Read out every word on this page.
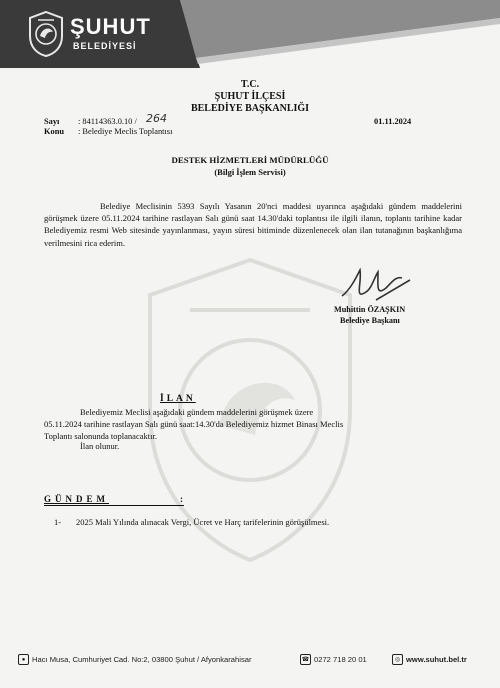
ŞUHUT
BELEDİYESİ
T.C.
ŞUHUT İLÇESİ
BELEDİYE BAŞKANLIĞI
Sayı : 84114363.0.10 / 264
Konu : Belediye Meclis Toplantısı
01.11.2024
DESTEK HİZMETLERİ MÜDÜRLÜĞÜ
(Bilgi İşlem Servisi)
Belediye Meclisinin 5393 Sayılı Yasanın 20'nci maddesi uyarınca aşağıdaki gündem maddelerini görüşmek üzere 05.11.2024 tarihine rastlayan Salı günü saat 14.30'daki toplantısı ile ilgili ilanın, toplantı tarihine kadar Belediyemiz resmi Web sitesinde yayınlanması, yayın süresi bitiminde düzenlenecek olan ilan tutanağının başkanlığıma verilmesini rica ederim.
Muhittin ÖZAŞKIN
Belediye Başkanı
İLAN
Belediyemiz Meclisi aşağıdaki gündem maddelerini görüşmek üzere 05.11.2024 tarihine rastlayan Salı günü saat:14.30'da Belediyemiz hizmet Binası Meclis Toplantı salonunda toplanacaktır.
İlan olunur.
GÜNDEM	:
1- 2025 Mali Yılında alınacak Vergi, Ücret ve Harç tarifelerinin görüşülmesi.
● Hacı Musa, Cumhuriyet Cad. No:2, 03800 Şuhut / Afyonkarahisar	☎ 0272 718 20 01	◎ www.suhut.bel.tr
